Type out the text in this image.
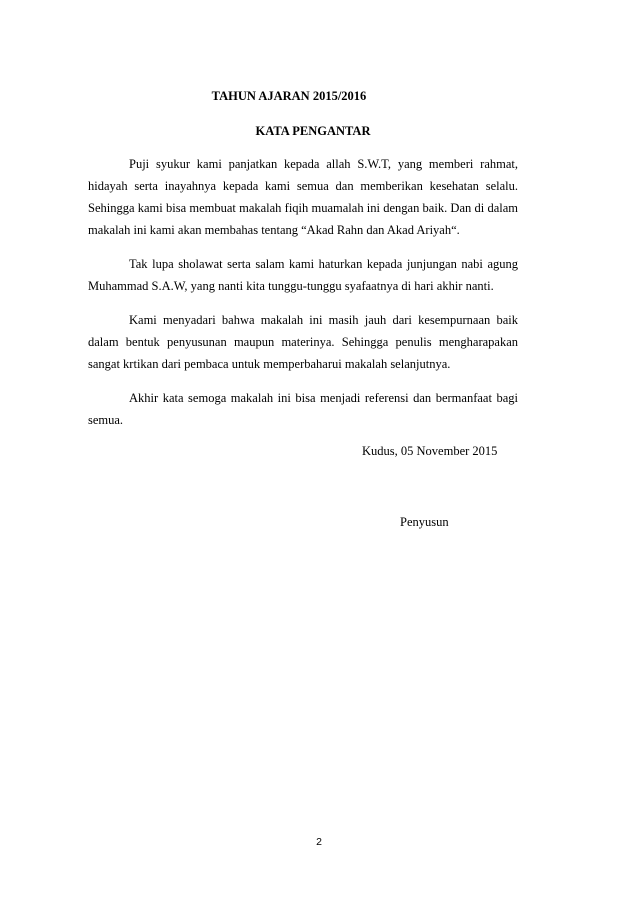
TAHUN AJARAN 2015/2016

KATA PENGANTAR

Puji syukur kami panjatkan kepada allah S.W.T, yang memberi rahmat, hidayah serta inayahnya kepada kami semua dan memberikan kesehatan selalu. Sehingga kami bisa membuat makalah fiqih muamalah ini dengan baik. Dan di dalam makalah ini kami akan membahas tentang “Akad Rahn dan Akad Ariyah“.

Tak lupa sholawat serta salam kami haturkan kepada junjungan nabi agung Muhammad S.A.W, yang nanti kita tunggu-tunggu syafaatnya di hari akhir nanti.

Kami menyadari bahwa makalah ini masih jauh dari kesempurnaan baik dalam bentuk penyusunan maupun materinya. Sehingga penulis mengharapakan sangat krtikan dari pembaca untuk memperbaharui makalah selanjutnya.

Akhir kata semoga makalah ini bisa menjadi referensi dan bermanfaat bagi semua.

Kudus, 05 November 2015
Penyusun
2
